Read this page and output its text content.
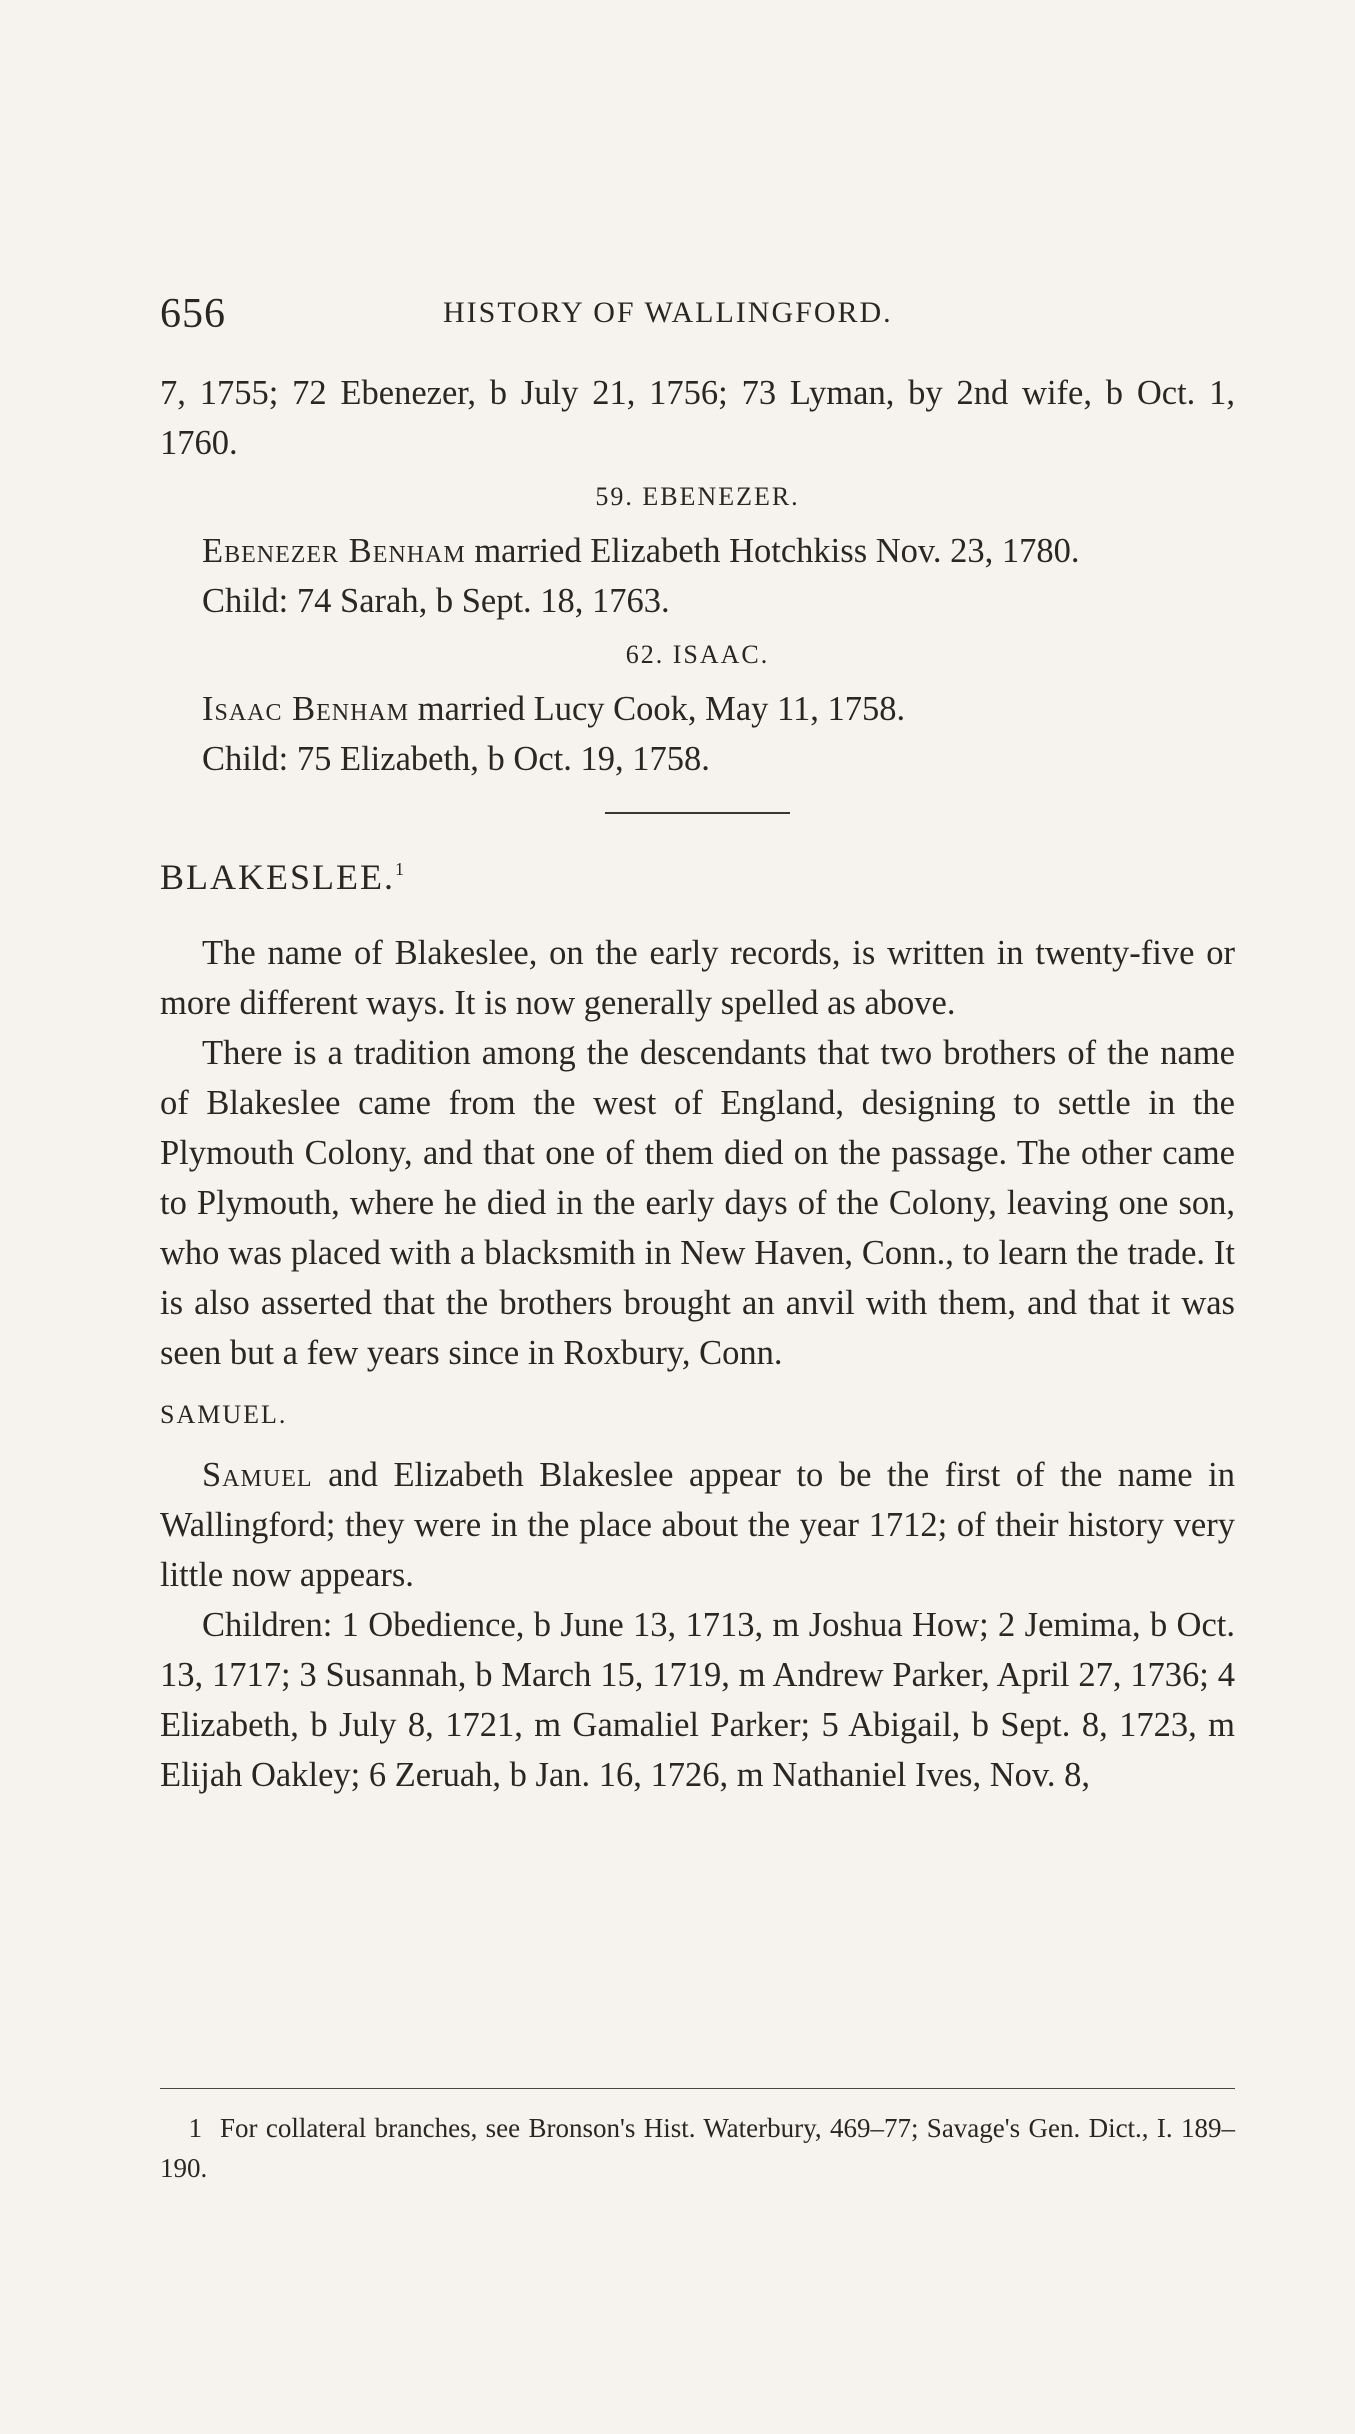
656	HISTORY OF WALLINGFORD.

7, 1755; 72 Ebenezer, b July 21, 1756; 73 Lyman, by 2nd wife, b Oct. 1, 1760.

59. EBENEZER.

Ebenezer Benham married Elizabeth Hotchkiss Nov. 23, 1780.

Child: 74 Sarah, b Sept. 18, 1763.

62. ISAAC.

Isaac Benham married Lucy Cook, May 11, 1758.

Child: 75 Elizabeth, b Oct. 19, 1758.

BLAKESLEE.$^1$

The name of Blakeslee, on the early records, is written in twenty-five or more different ways. It is now generally spelled as above.

There is a tradition among the descendants that two brothers of the name of Blakeslee came from the west of England, designing to settle in the Plymouth Colony, and that one of them died on the passage. The other came to Plymouth, where he died in the early days of the Colony, leaving one son, who was placed with a blacksmith in New Haven, Conn., to learn the trade. It is also asserted that the brothers brought an anvil with them, and that it was seen but a few years since in Roxbury, Conn.

SAMUEL.

Samuel and Elizabeth Blakeslee appear to be the first of the name in Wallingford; they were in the place about the year 1712; of their history very little now appears.

Children: 1 Obedience, b June 13, 1713, m Joshua How; 2 Jemima, b Oct. 13, 1717; 3 Susannah, b March 15, 1719, m Andrew Parker, April 27, 1736; 4 Elizabeth, b July 8, 1721, m Gamaliel Parker; 5 Abigail, b Sept. 8, 1723, m Elijah Oakley; 6 Zeruah, b Jan. 16, 1726, m Nathaniel Ives, Nov. 8,

1 For collateral branches, see Bronson's Hist. Waterbury, 469–77; Savage's Gen. Dict., I. 189–190.
